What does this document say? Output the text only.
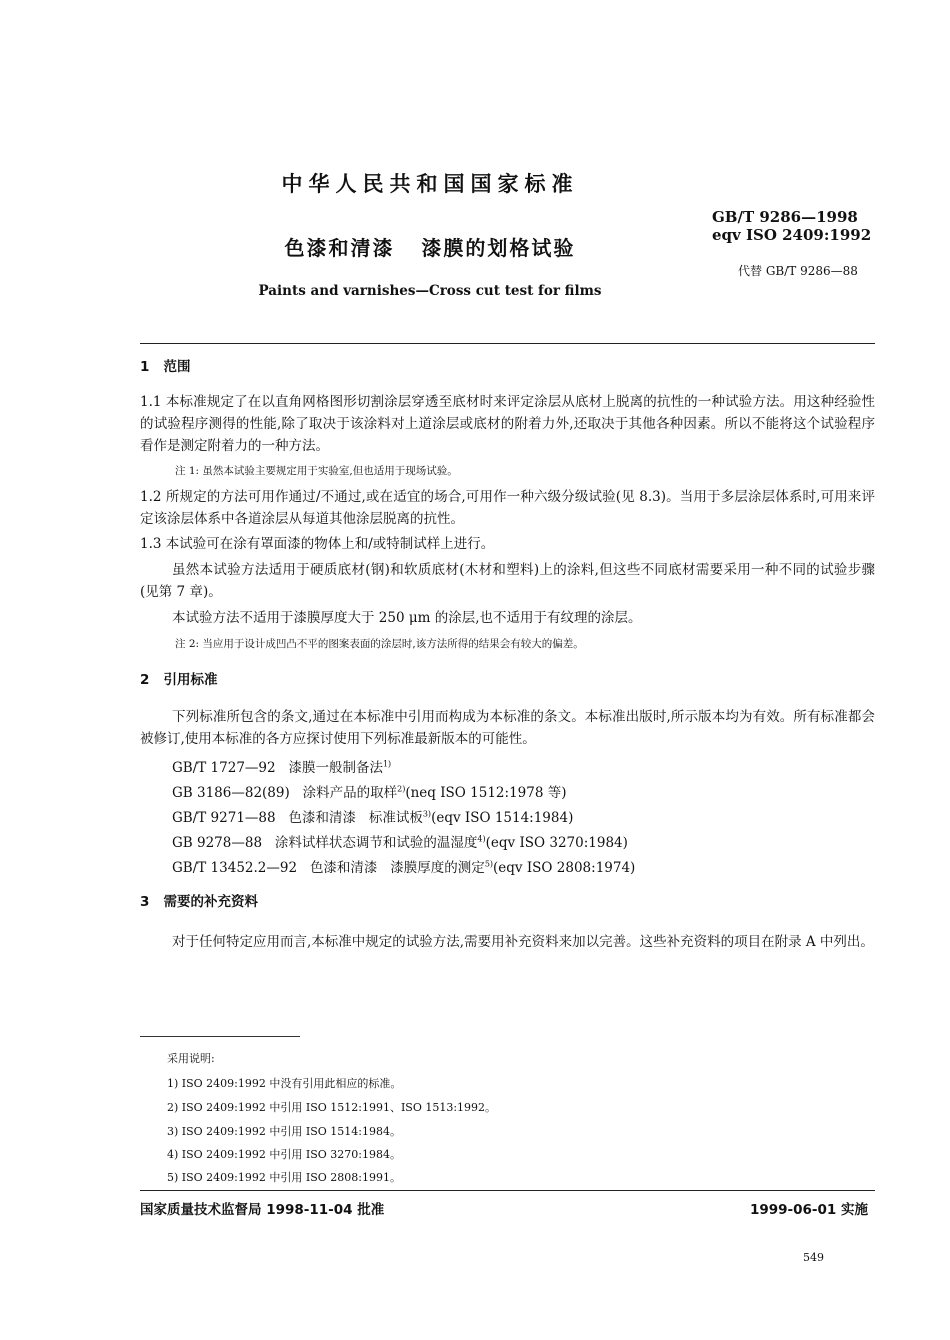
中华人民共和国国家标准
GB/T 9286—1998
eqv ISO 2409:1992
色漆和清漆   漆膜的划格试验
代替 GB/T 9286—88
Paints and varnishes—Cross cut test for films
1   范围
1.1 本标准规定了在以直角网格图形切割涂层穿透至底材时来评定涂层从底材上脱离的抗性的一种试验方法。用这种经验性的试验程序测得的性能,除了取决于该涂料对上道涂层或底材的附着力外,还取决于其他各种因素。所以不能将这个试验程序看作是测定附着力的一种方法。
注 1: 虽然本试验主要规定用于实验室,但也适用于现场试验。
1.2 所规定的方法可用作通过/不通过,或在适宜的场合,可用作一种六级分级试验(见 8.3)。当用于多层涂层体系时,可用来评定该涂层体系中各道涂层从每道其他涂层脱离的抗性。
1.3 本试验可在涂有罩面漆的物体上和/或特制试样上进行。
虽然本试验方法适用于硬质底材(钢)和软质底材(木材和塑料)上的涂料,但这些不同底材需要采用一种不同的试验步骤(见第 7 章)。
本试验方法不适用于漆膜厚度大于 250 μm 的涂层,也不适用于有纹理的涂层。
注 2: 当应用于设计成凹凸不平的图案表面的涂层时,该方法所得的结果会有较大的偏差。
2   引用标准
下列标准所包含的条文,通过在本标准中引用而构成为本标准的条文。本标准出版时,所示版本均为有效。所有标准都会被修订,使用本标准的各方应探讨使用下列标准最新版本的可能性。
GB/T 1727—92   漆膜一般制备法$^{1)}$
GB 3186—82(89)   涂料产品的取样$^{2)}$(neq ISO 1512:1978 等)
GB/T 9271—88   色漆和清漆   标准试板$^{3)}$(eqv ISO 1514:1984)
GB 9278—88   涂料试样状态调节和试验的温湿度$^{4)}$(eqv ISO 3270:1984)
GB/T 13452.2—92   色漆和清漆   漆膜厚度的测定$^{5)}$(eqv ISO 2808:1974)
3   需要的补充资料
对于任何特定应用而言,本标准中规定的试验方法,需要用补充资料来加以完善。这些补充资料的项目在附录 A 中列出。
采用说明:
1) ISO 2409:1992 中没有引用此相应的标准。
2) ISO 2409:1992 中引用 ISO 1512:1991、ISO 1513:1992。
3) ISO 2409:1992 中引用 ISO 1514:1984。
4) ISO 2409:1992 中引用 ISO 3270:1984。
5) ISO 2409:1992 中引用 ISO 2808:1991。
国家质量技术监督局 1998-11-04 批准	1999-06-01 实施
549
